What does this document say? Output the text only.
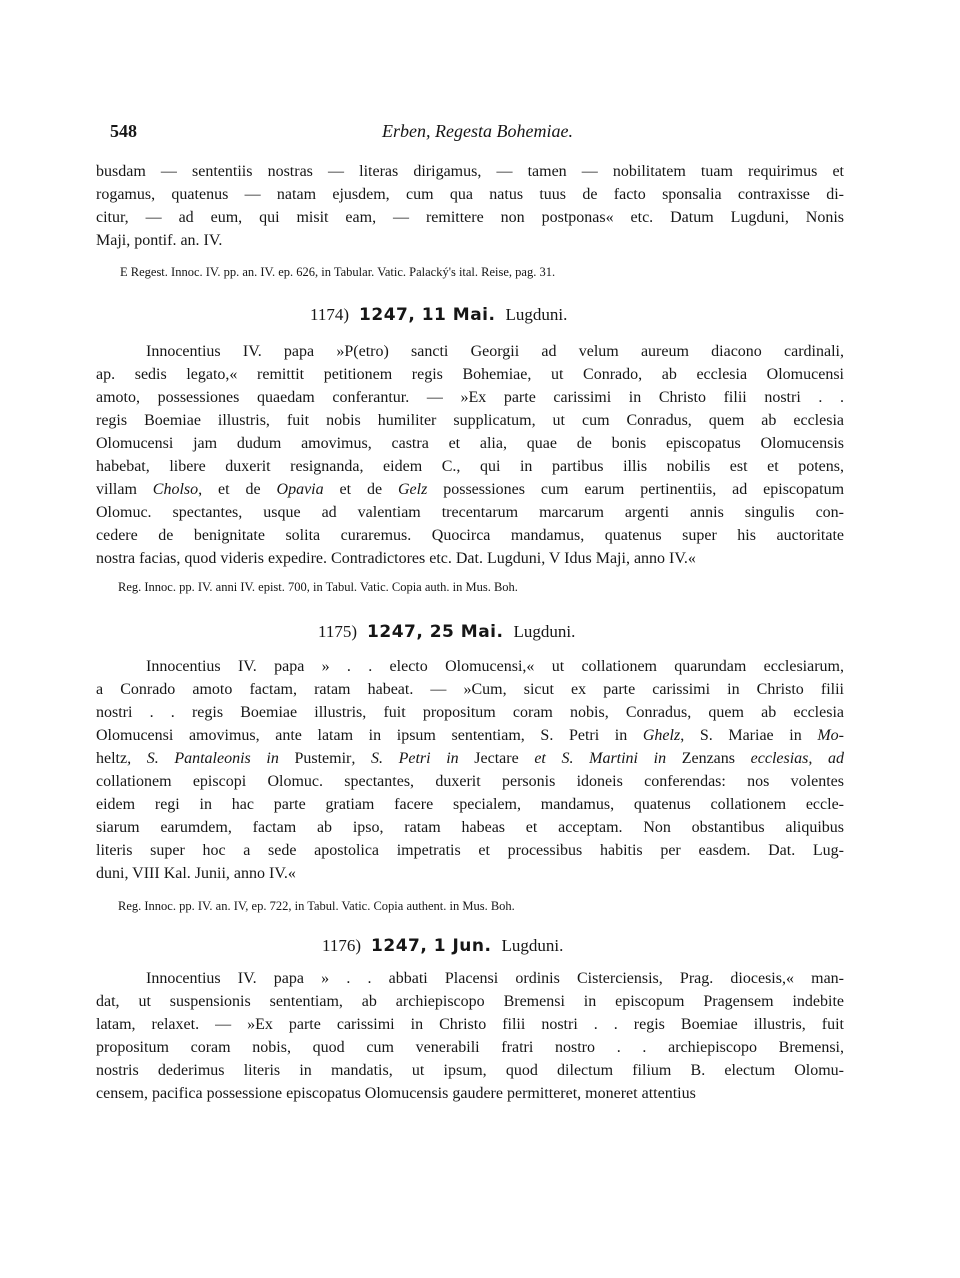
548	Erben, Regesta Bohemiae.

busdam — sententiis nostras — literas dirigamus, — tamen — nobilitatem tuam requirimus et
rogamus, quatenus — natam ejusdem, cum qua natus tuus de facto sponsalia contraxisse di-
citur, — ad eum, qui misit eam, — remittere non postponas« etc. Datum Lugduni, Nonis
Maji, pontif. an. IV.

E Regest. Innoc. IV. pp. an. IV. ep. 626, in Tabular. Vatic. Palacký's ital. Reise, pag. 31.
1174) 1247, 11 Mai. Lugduni.

Innocentius IV. papa »P(etro) sancti Georgii ad velum aureum diacono cardinali,
ap. sedis legato,« remittit petitionem regis Bohemiae, ut Conrado, ab ecclesia Olomucensi
amoto, possessiones quaedam conferantur. — »Ex parte carissimi in Christo filii nostri . .
regis Boemiae illustris, fuit nobis humiliter supplicatum, ut cum Conradus, quem ab ecclesia
Olomucensi jam dudum amovimus, castra et alia, quae de bonis episcopatus Olomucensis
habebat, libere duxerit resignanda, eidem C., qui in partibus illis nobilis est et potens,
villam Cholso, et de Opavia et de Gelz possessiones cum earum pertinentiis, ad episcopatum
Olomuc. spectantes, usque ad valentiam trecentarum marcarum argenti annis singulis con-
cedere de benignitate solita curaremus. Quocirca mandamus, quatenus super his auctoritate
nostra facias, quod videris expedire. Contradictores etc. Dat. Lugduni, V Idus Maji, anno IV.«

Reg. Innoc. pp. IV. anni IV. epist. 700, in Tabul. Vatic. Copia auth. in Mus. Boh.
1175) 1247, 25 Mai. Lugduni.

Innocentius IV. papa » . . electo Olomucensi,« ut collationem quarundam ecclesiarum,
a Conrado amoto factam, ratam habeat. — »Cum, sicut ex parte carissimi in Christo filii
nostri . . regis Boemiae illustris, fuit propositum coram nobis, Conradus, quem ab ecclesia
Olomucensi amovimus, ante latam in ipsum sententiam, S. Petri in Ghelz, S. Mariae in Mo-
heltz, S. Pantaleonis in Pustemir, S. Petri in Jectare et S. Martini in Zenzans ecclesias, ad
collationem episcopi Olomuc. spectantes, duxerit personis idoneis conferendas: nos volentes
eidem regi in hac parte gratiam facere specialem, mandamus, quatenus collationem eccle-
siarum earumdem, factam ab ipso, ratam habeas et acceptam. Non obstantibus aliquibus
literis super hoc a sede apostolica impetratis et processibus habitis per easdem. Dat. Lug-
duni, VIII Kal. Junii, anno IV.«

Reg. Innoc. pp. IV. an. IV, ep. 722, in Tabul. Vatic. Copia authent. in Mus. Boh.
1176) 1247, 1 Jun. Lugduni.

Innocentius IV. papa » . . abbati Placensi ordinis Cisterciensis, Prag. diocesis,« man-
dat, ut suspensionis sententiam, ab archiepiscopo Bremensi in episcopum Pragensem indebite
latam, relaxet. — »Ex parte carissimi in Christo filii nostri . . regis Boemiae illustris, fuit
propositum coram nobis, quod cum venerabili fratri nostro . . archiepiscopo Bremensi,
nostris dederimus literis in mandatis, ut ipsum, quod dilectum filium B. electum Olomu-
censem, pacifica possessione episcopatus Olomucensis gaudere permitteret, moneret attentius
